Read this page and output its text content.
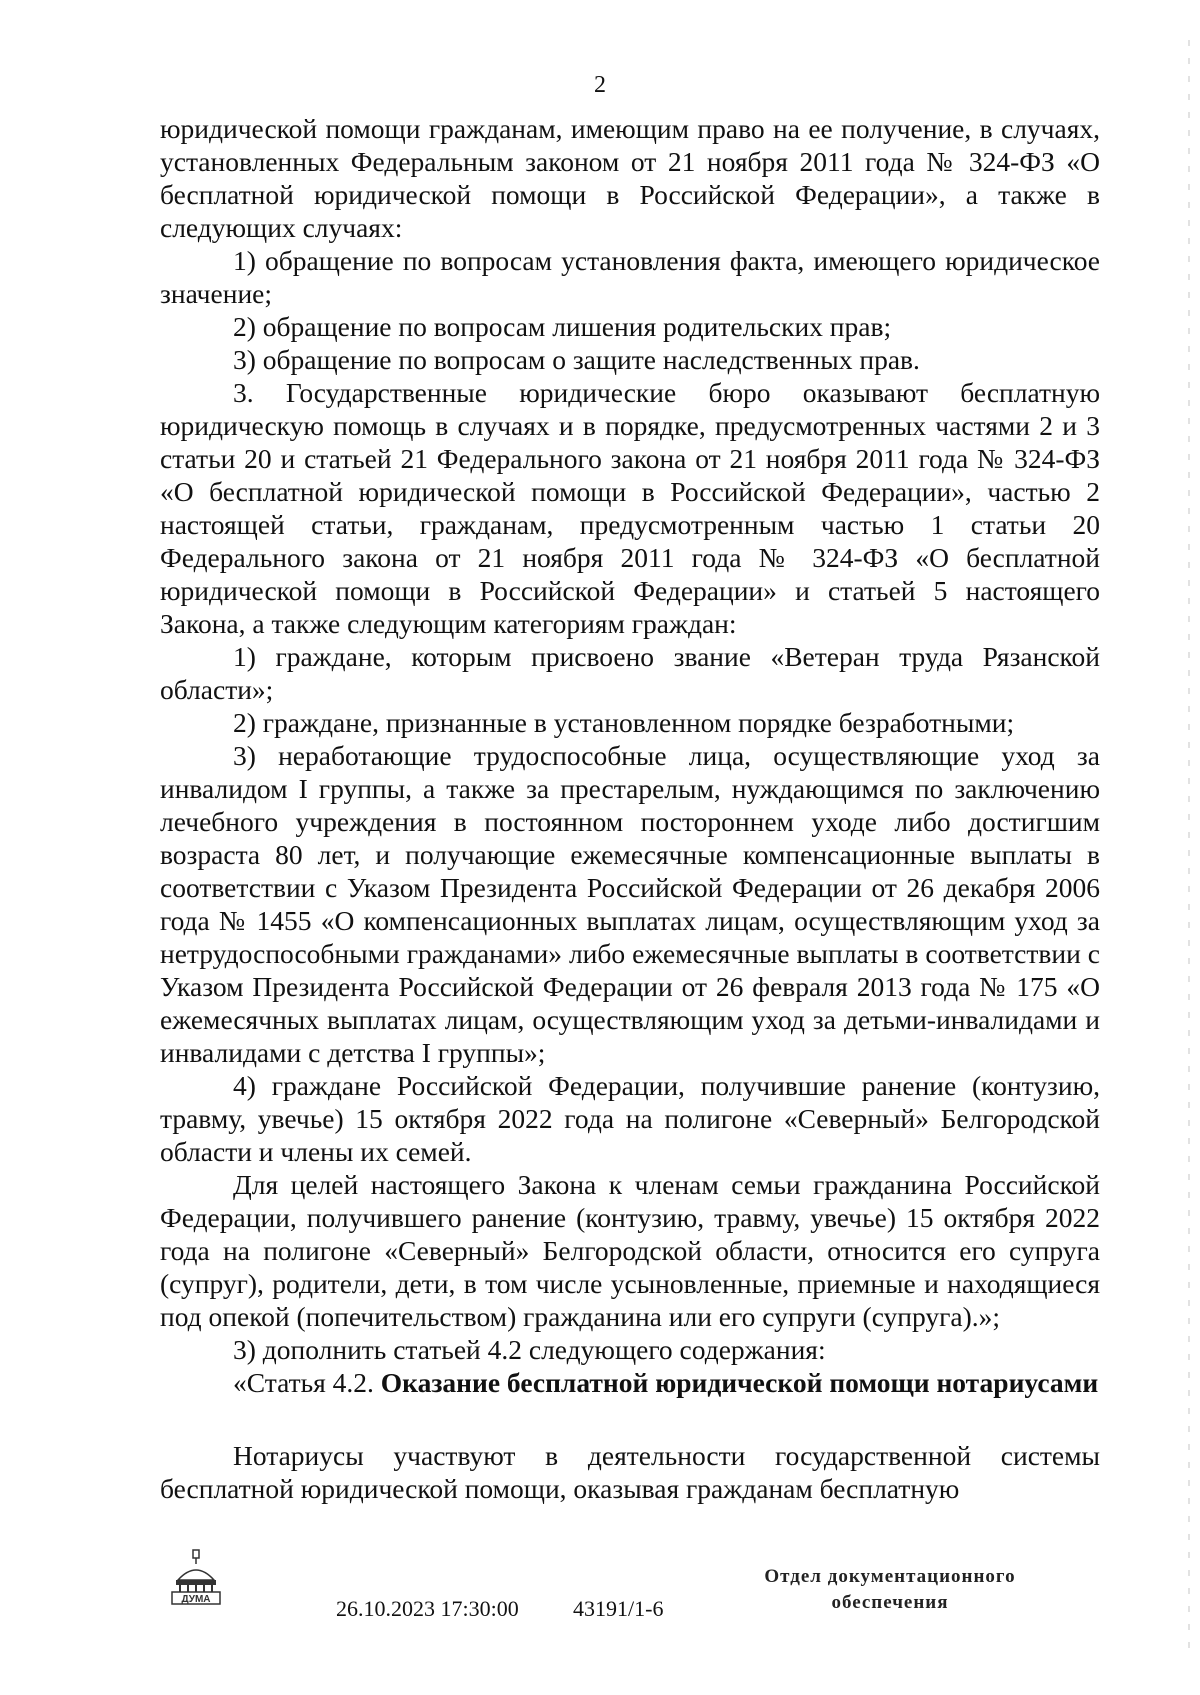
2

юридической помощи гражданам, имеющим право на ее получение, в случаях, установленных Федеральным законом от 21 ноября 2011 года № 324-ФЗ «О бесплатной юридической помощи в Российской Федерации», а также в следующих случаях:

1) обращение по вопросам установления факта, имеющего юридическое значение;

2) обращение по вопросам лишения родительских прав;

3) обращение по вопросам о защите наследственных прав.

3. Государственные юридические бюро оказывают бесплатную юридическую помощь в случаях и в порядке, предусмотренных частями 2 и 3 статьи 20 и статьей 21 Федерального закона от 21 ноября 2011 года № 324-ФЗ «О бесплатной юридической помощи в Российской Федерации», частью 2 настоящей статьи, гражданам, предусмотренным частью 1 статьи 20 Федерального закона от 21 ноября 2011 года № 324-ФЗ «О бесплатной юридической помощи в Российской Федерации» и статьей 5 настоящего Закона, а также следующим категориям граждан:

1) граждане, которым присвоено звание «Ветеран труда Рязанской области»;

2) граждане, признанные в установленном порядке безработными;

3) неработающие трудоспособные лица, осуществляющие уход за инвалидом I группы, а также за престарелым, нуждающимся по заключению лечебного учреждения в постоянном постороннем уходе либо достигшим возраста 80 лет, и получающие ежемесячные компенсационные выплаты в соответствии с Указом Президента Российской Федерации от 26 декабря 2006 года № 1455 «О компенсационных выплатах лицам, осуществляющим уход за нетрудоспособными гражданами» либо ежемесячные выплаты в соответствии с Указом Президента Российской Федерации от 26 февраля 2013 года № 175 «О ежемесячных выплатах лицам, осуществляющим уход за детьми-инвалидами и инвалидами с детства I группы»;

4) граждане Российской Федерации, получившие ранение (контузию, травму, увечье) 15 октября 2022 года на полигоне «Северный» Белгородской области и члены их семей.

Для целей настоящего Закона к членам семьи гражданина Российской Федерации, получившего ранение (контузию, травму, увечье) 15 октября 2022 года на полигоне «Северный» Белгородской области, относится его супруга (супруг), родители, дети, в том числе усыновленные, приемные и находящиеся под опекой (попечительством) гражданина или его супруги (супруга).»;

3) дополнить статьей 4.2 следующего содержания:

«Статья 4.2. Оказание бесплатной юридической помощи нотариусами

Нотариусы участвуют в деятельности государственной системы бесплатной юридической помощи, оказывая гражданам бесплатную

ДУМА	26.10.2023 17:30:00 43191/1-6
Отдел документационного
обеспечения
